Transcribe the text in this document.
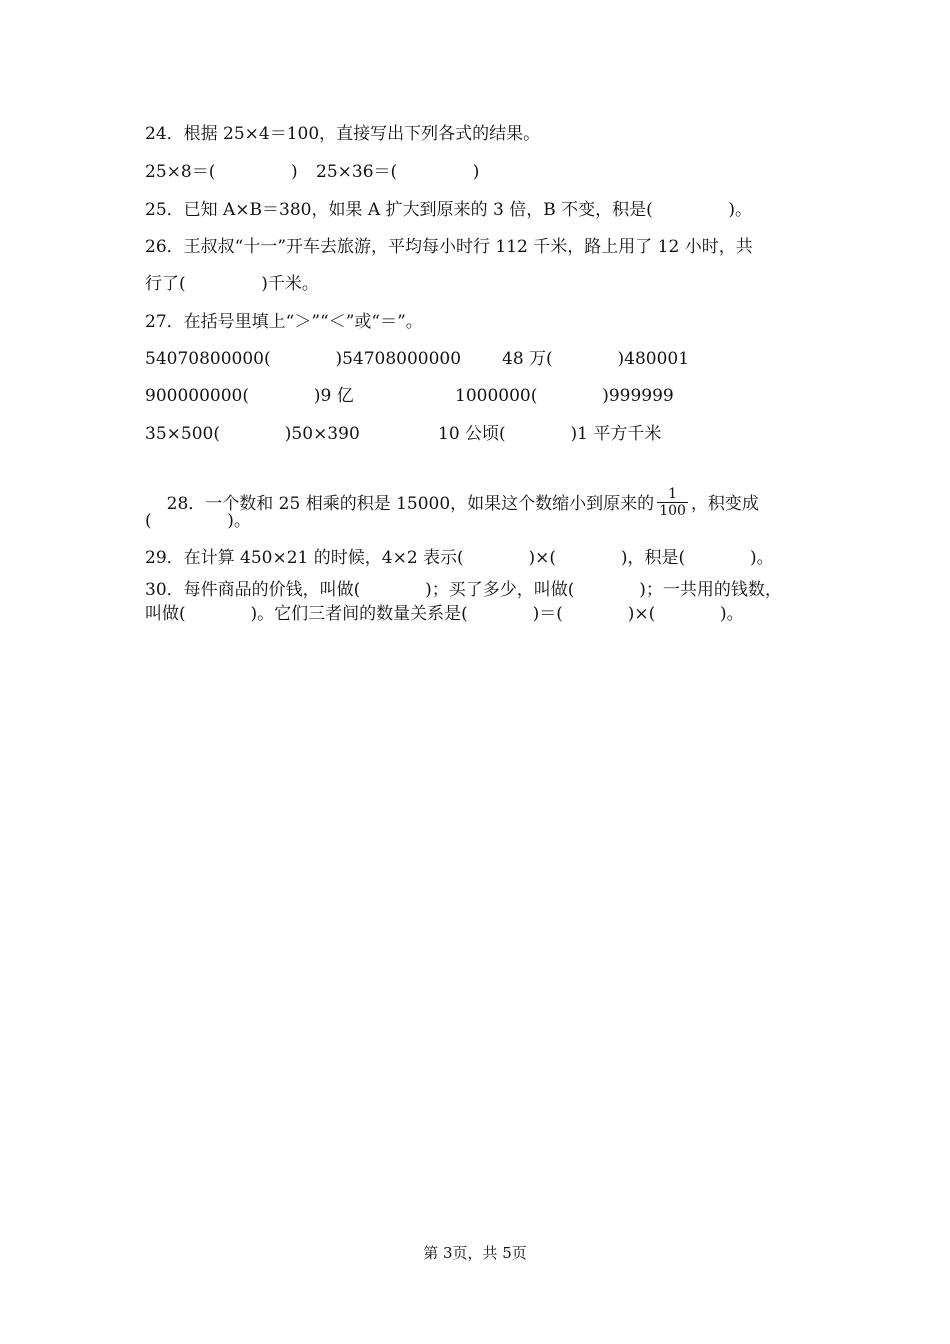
24．根据 25×4＝100，直接写出下列各式的结果。
25×8＝(              ) 25×36＝(              )
25．已知 A×B＝380，如果 A 扩大到原来的 3 倍，B 不变，积是(              )。
26．王叔叔“十一”开车去旅游，平均每小时行 112 千米，路上用了 12 小时，共
行了(              )千米。
27．在括号里填上“＞”“＜”或“＝”。
54070800000(            )54708000000 48 万(            )480001
900000000(            )9 亿	1000000(            )999999
35×500(            )50×390	10 公顷(            )1 平方千米

28．一个数和 25 相乘的积是 15000，如果这个数缩小到原来的 $\frac{1}{100}$ ，积变成

(              )。
29．在计算 450×21 的时候，4×2 表示(            )×(            )，积是(            )。
30．每件商品的价钱，叫做(            )；买了多少，叫做(            )；一共用的钱数，
叫做(            )。它们三者间的数量关系是(            )＝(            )×(            )。
第 3页，共 5页
